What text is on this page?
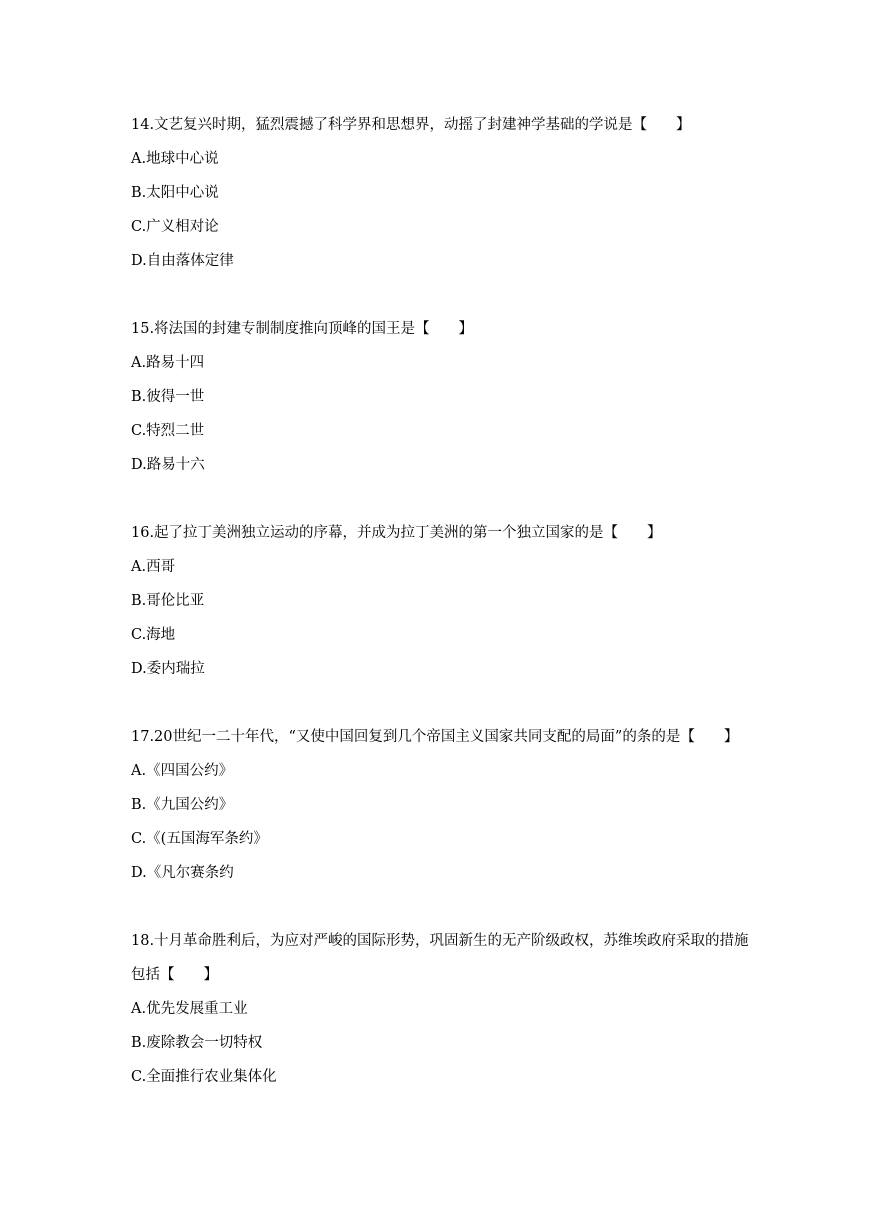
14.文艺复兴时期，猛烈震撼了科学界和思想界，动摇了封建神学基础的学说是【　　】

A.地球中心说
B.太阳中心说
C.广义相对论
D.自由落体定律

15.将法国的封建专制制度推向顶峰的国王是【　　】

A.路易十四
B.彼得一世
C.特烈二世
D.路易十六

16.起了拉丁美洲独立运动的序幕，并成为拉丁美洲的第一个独立国家的是【　　】

A.西哥
B.哥伦比亚
C.海地
D.委内瑞拉

17.20世纪一二十年代，“又使中国回复到几个帝国主义国家共同支配的局面”的条的是【　　】

A.《四国公约》
B.《九国公约》
C.《(五国海军条约》
D.《凡尔赛条约

18.十月革命胜利后，为应对严峻的国际形势，巩固新生的无产阶级政权，苏维埃政府采取的措施包括【　　】

A.优先发展重工业
B.废除教会一切特权
C.全面推行农业集体化
